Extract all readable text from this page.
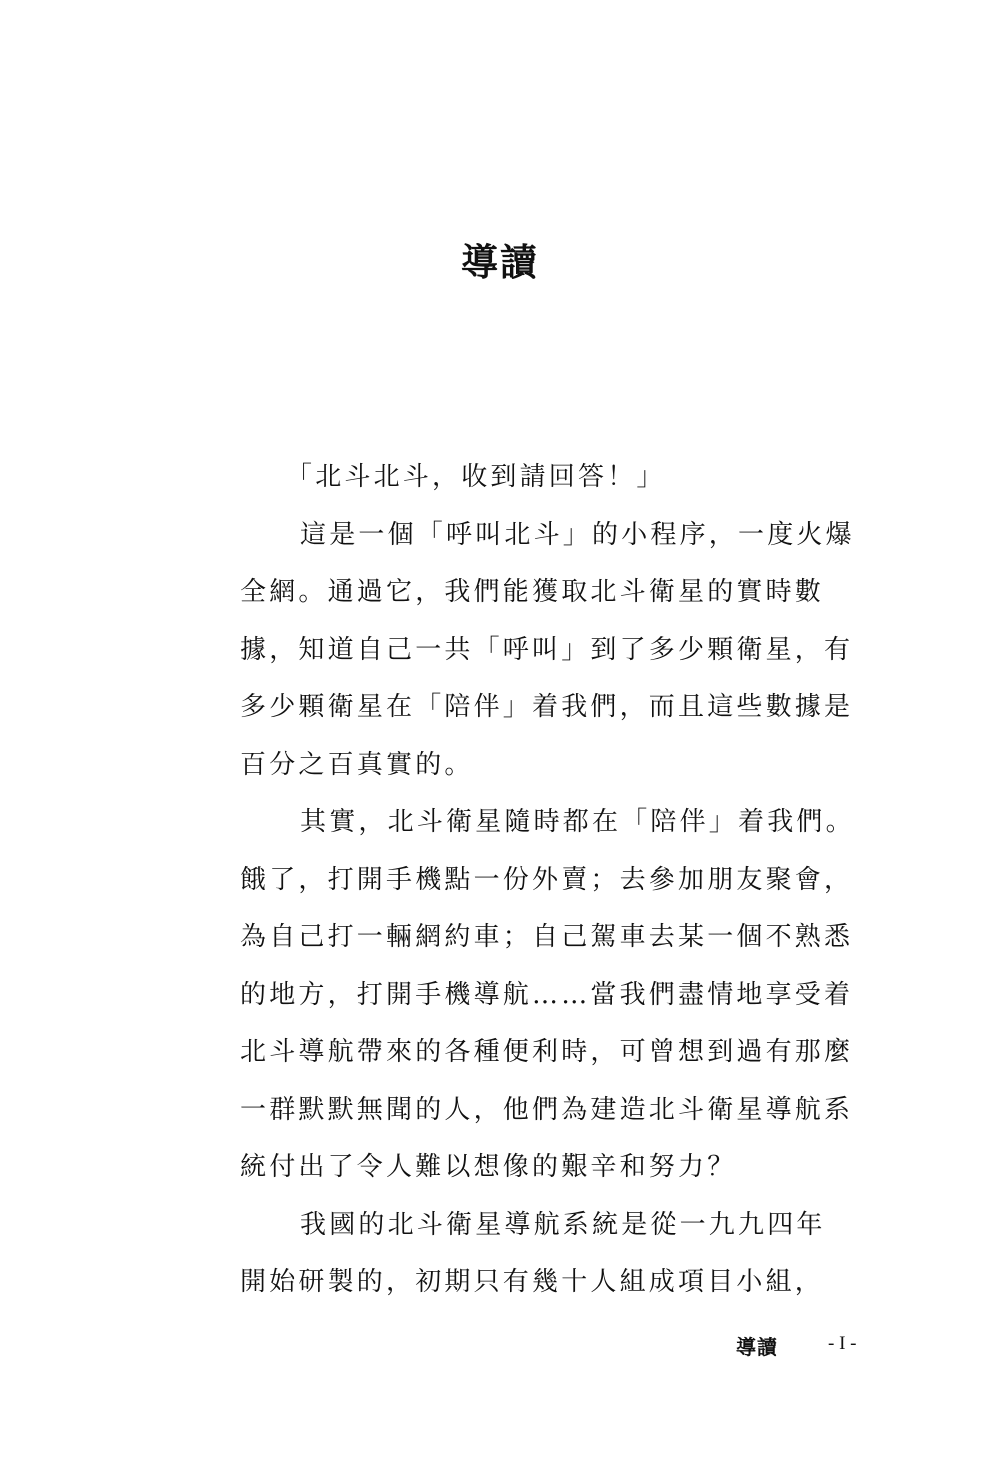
導讀

「北斗北斗，收到請回答！」

這是一個「呼叫北斗」的小程序，一度火爆

全網。通過它，我們能獲取北斗衛星的實時數

據，知道自己一共「呼叫」到了多少顆衛星，有

多少顆衛星在「陪伴」着我們，而且這些數據是

百分之百真實的。

其實，北斗衛星隨時都在「陪伴」着我們。

餓了，打開手機點一份外賣；去參加朋友聚會，

為自己打一輛網約車；自己駕車去某一個不熟悉

的地方，打開手機導航……當我們盡情地享受着

北斗導航帶來的各種便利時，可曾想到過有那麼

一群默默無聞的人，他們為建造北斗衛星導航系

統付出了令人難以想像的艱辛和努力？

我國的北斗衛星導航系統是從一九九四年

開始研製的，初期只有幾十人組成項目小組，

導讀	- I -
